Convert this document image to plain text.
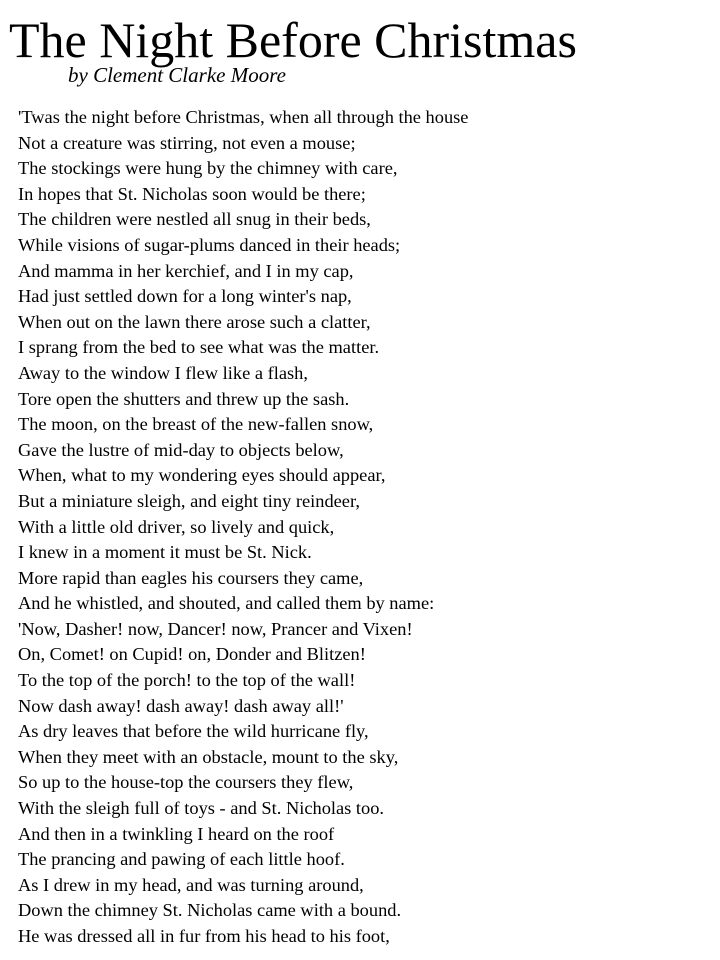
The Night Before Christmas

by Clement Clarke Moore

'Twas the night before Christmas, when all through the house
Not a creature was stirring, not even a mouse;
The stockings were hung by the chimney with care,
In hopes that St. Nicholas soon would be there;
The children were nestled all snug in their beds,
While visions of sugar-plums danced in their heads;
And mamma in her kerchief, and I in my cap,
Had just settled down for a long winter's nap,
When out on the lawn there arose such a clatter,
I sprang from the bed to see what was the matter.
Away to the window I flew like a flash,
Tore open the shutters and threw up the sash.
The moon, on the breast of the new-fallen snow,
Gave the lustre of mid-day to objects below,
When, what to my wondering eyes should appear,
But a miniature sleigh, and eight tiny reindeer,
With a little old driver, so lively and quick,
I knew in a moment it must be St. Nick.
More rapid than eagles his coursers they came,
And he whistled, and shouted, and called them by name:
'Now, Dasher! now, Dancer! now, Prancer and Vixen!
On, Comet! on Cupid! on, Donder and Blitzen!
To the top of the porch! to the top of the wall!
Now dash away! dash away! dash away all!'
As dry leaves that before the wild hurricane fly,
When they meet with an obstacle, mount to the sky,
So up to the house-top the coursers they flew,
With the sleigh full of toys - and St. Nicholas too.
And then in a twinkling I heard on the roof
The prancing and pawing of each little hoof.
As I drew in my head, and was turning around,
Down the chimney St. Nicholas came with a bound.
He was dressed all in fur from his head to his foot,
